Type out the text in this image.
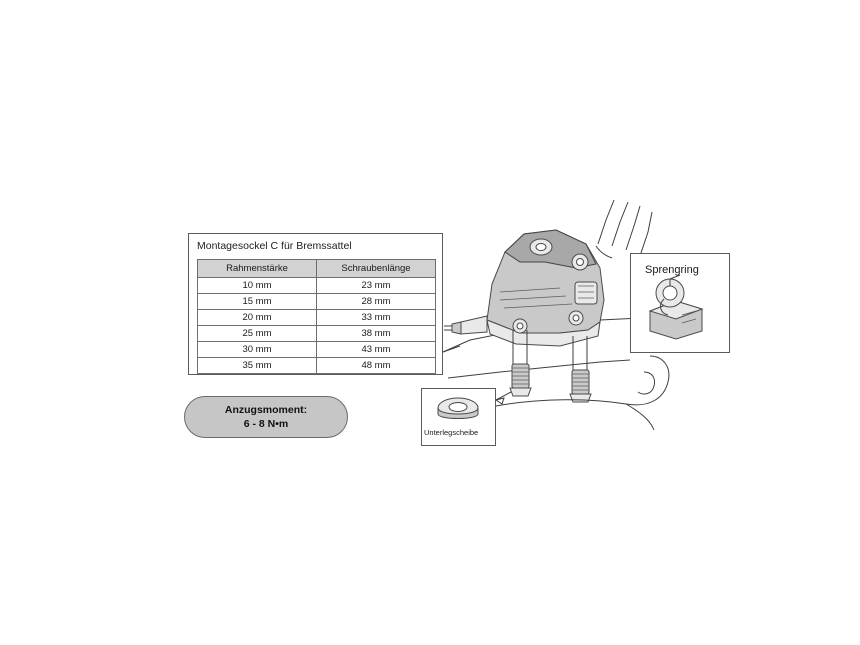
Sprengring
Unterlegscheibe
Montagesockel C für Bremssattel
Rahmenstärke	Schraubenlänge
10 mm	23 mm
15 mm	28 mm
20 mm	33 mm
25 mm	38 mm
30 mm	43 mm
35 mm	48 mm
Anzugsmoment:
6 - 8 N•m
